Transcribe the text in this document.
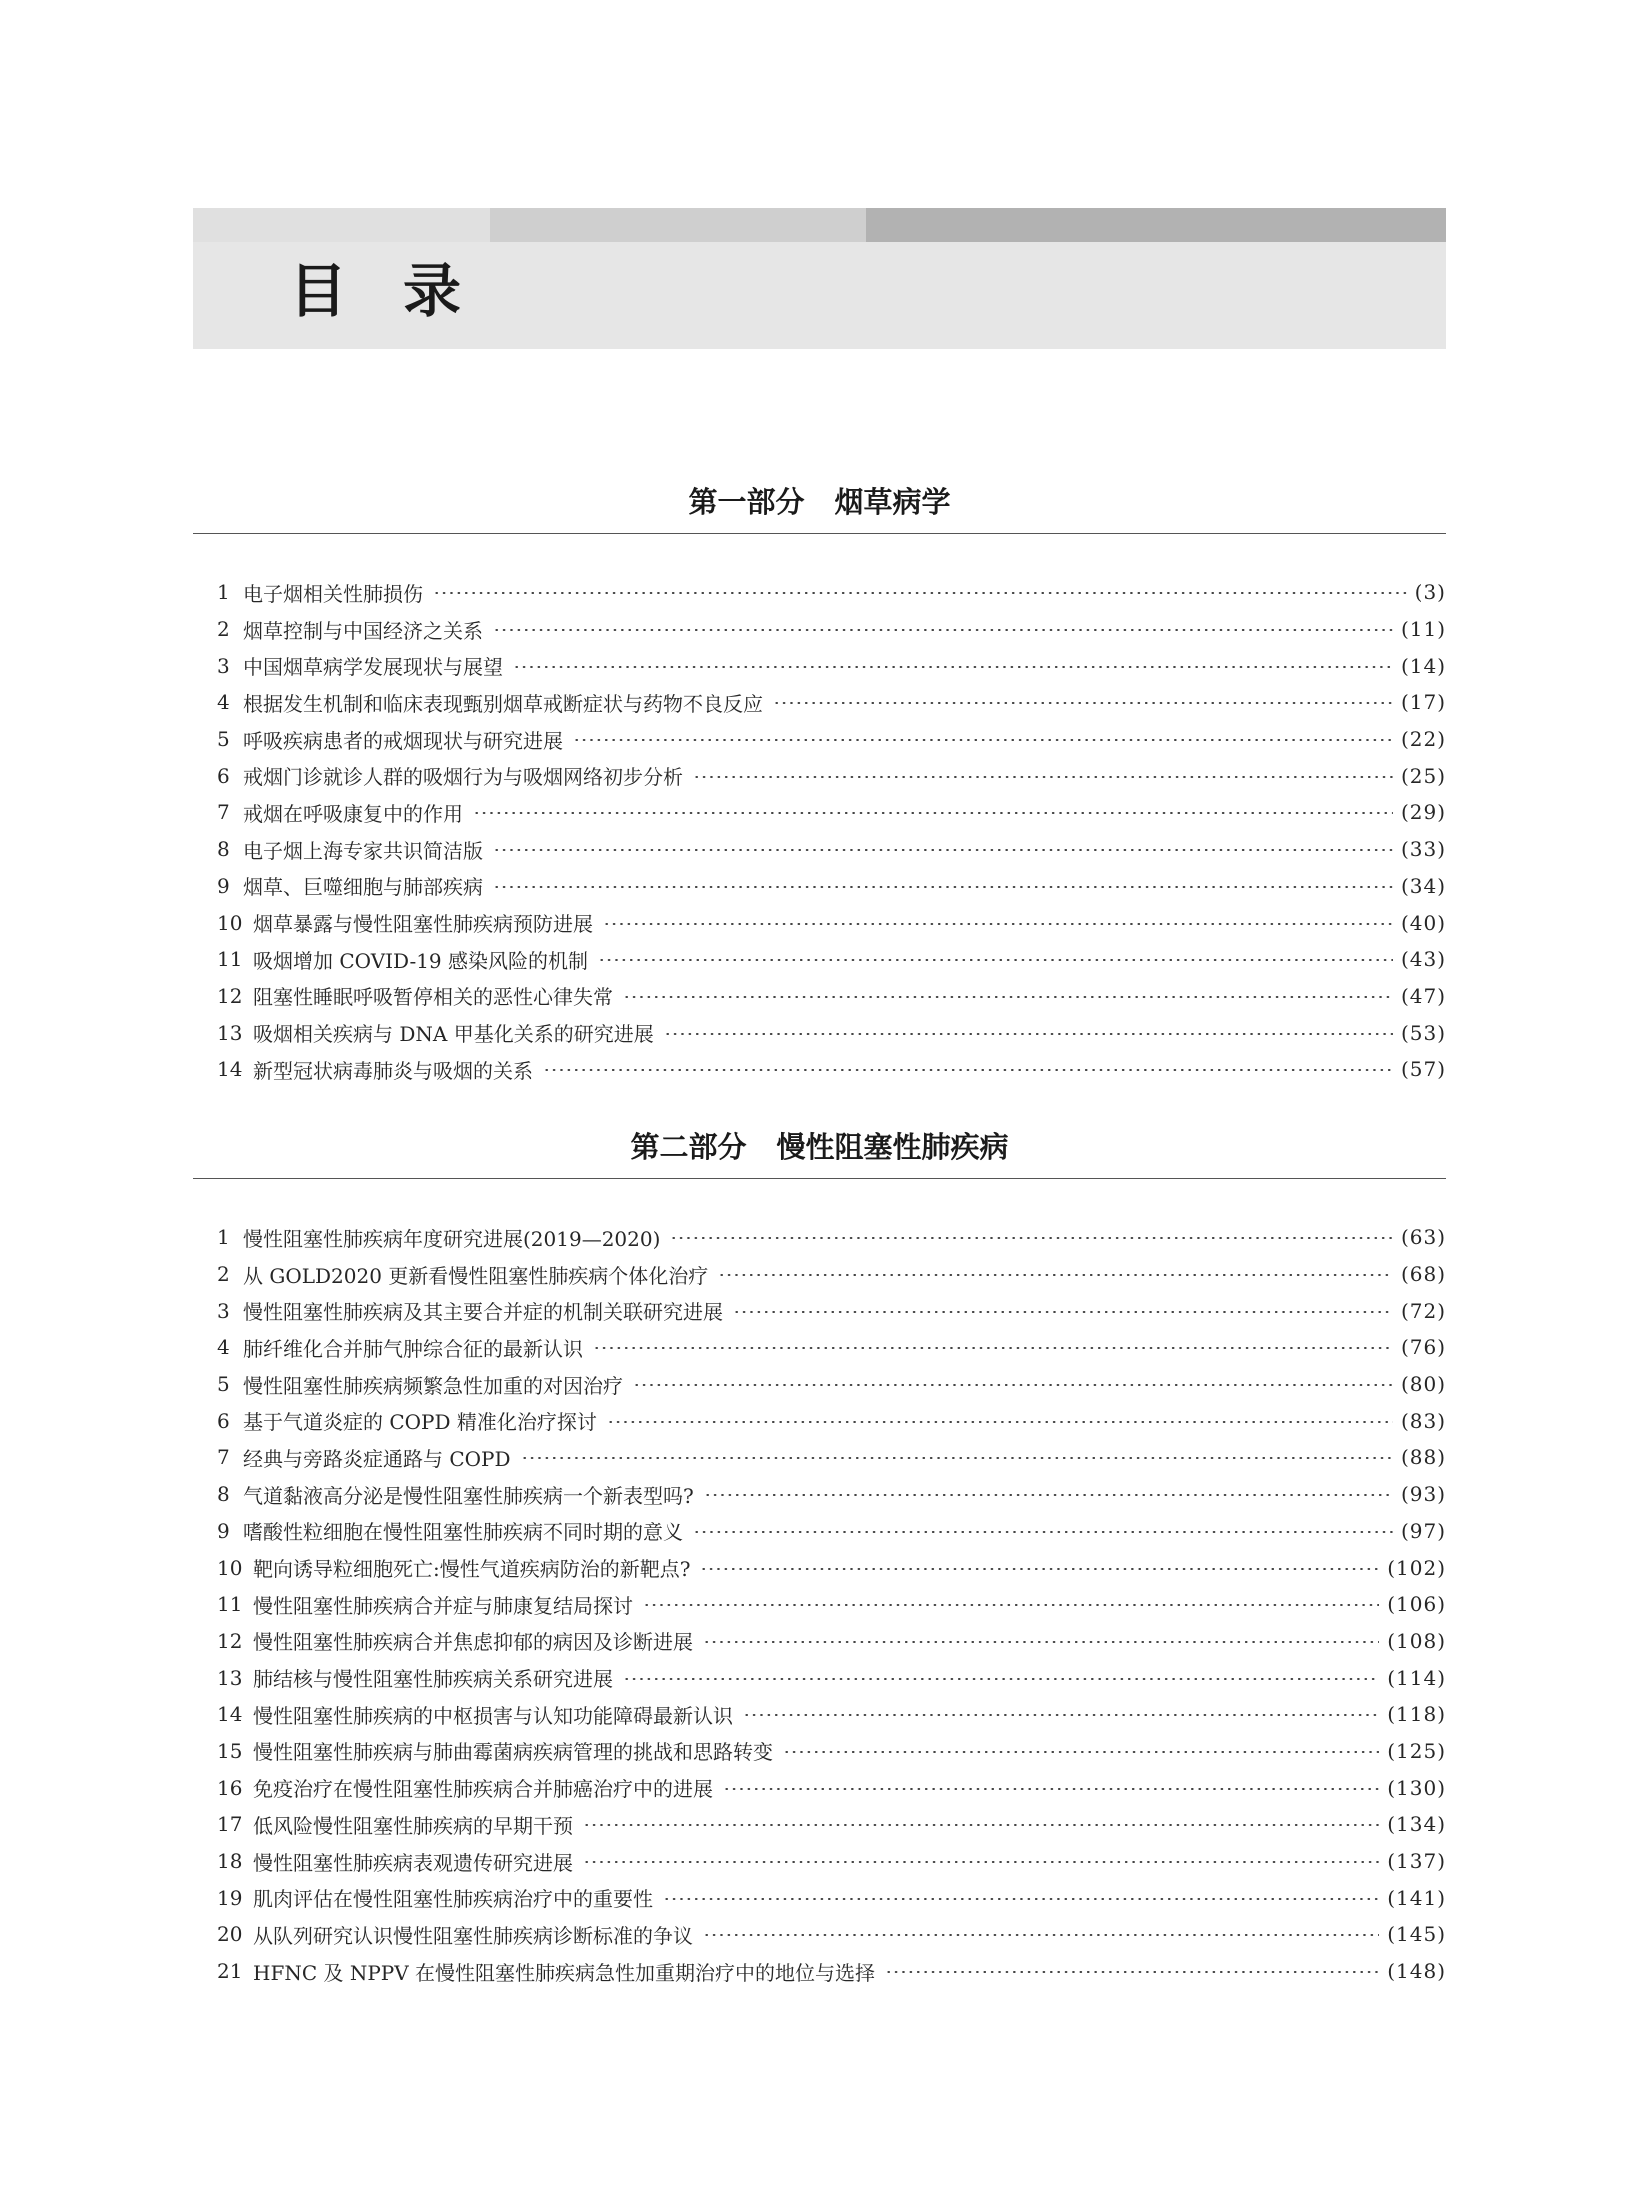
目录
第一部分 烟草病学
1 电子烟相关性肺损伤	(3)
2 烟草控制与中国经济之关系	(11)
3 中国烟草病学发展现状与展望	(14)
4 根据发生机制和临床表现甄别烟草戒断症状与药物不良反应	(17)
5 呼吸疾病患者的戒烟现状与研究进展	(22)
6 戒烟门诊就诊人群的吸烟行为与吸烟网络初步分析	(25)
7 戒烟在呼吸康复中的作用	(29)
8 电子烟上海专家共识简洁版	(33)
9 烟草、巨噬细胞与肺部疾病	(34)
10 烟草暴露与慢性阻塞性肺疾病预防进展	(40)
11 吸烟增加 COVID-19 感染风险的机制	(43)
12 阻塞性睡眠呼吸暂停相关的恶性心律失常	(47)
13 吸烟相关疾病与 DNA 甲基化关系的研究进展	(53)
14 新型冠状病毒肺炎与吸烟的关系	(57)
第二部分 慢性阻塞性肺疾病
1 慢性阻塞性肺疾病年度研究进展(2019—2020)	(63)
2 从 GOLD2020 更新看慢性阻塞性肺疾病个体化治疗	(68)
3 慢性阻塞性肺疾病及其主要合并症的机制关联研究进展	(72)
4 肺纤维化合并肺气肿综合征的最新认识	(76)
5 慢性阻塞性肺疾病频繁急性加重的对因治疗	(80)
6 基于气道炎症的 COPD 精准化治疗探讨	(83)
7 经典与旁路炎症通路与 COPD	(88)
8 气道黏液高分泌是慢性阻塞性肺疾病一个新表型吗?	(93)
9 嗜酸性粒细胞在慢性阻塞性肺疾病不同时期的意义	(97)
10 靶向诱导粒细胞死亡:慢性气道疾病防治的新靶点?	(102)
11 慢性阻塞性肺疾病合并症与肺康复结局探讨	(106)
12 慢性阻塞性肺疾病合并焦虑抑郁的病因及诊断进展	(108)
13 肺结核与慢性阻塞性肺疾病关系研究进展	(114)
14 慢性阻塞性肺疾病的中枢损害与认知功能障碍最新认识	(118)
15 慢性阻塞性肺疾病与肺曲霉菌病疾病管理的挑战和思路转变	(125)
16 免疫治疗在慢性阻塞性肺疾病合并肺癌治疗中的进展	(130)
17 低风险慢性阻塞性肺疾病的早期干预	(134)
18 慢性阻塞性肺疾病表观遗传研究进展	(137)
19 肌肉评估在慢性阻塞性肺疾病治疗中的重要性	(141)
20 从队列研究认识慢性阻塞性肺疾病诊断标准的争议	(145)
21 HFNC 及 NPPV 在慢性阻塞性肺疾病急性加重期治疗中的地位与选择	(148)
